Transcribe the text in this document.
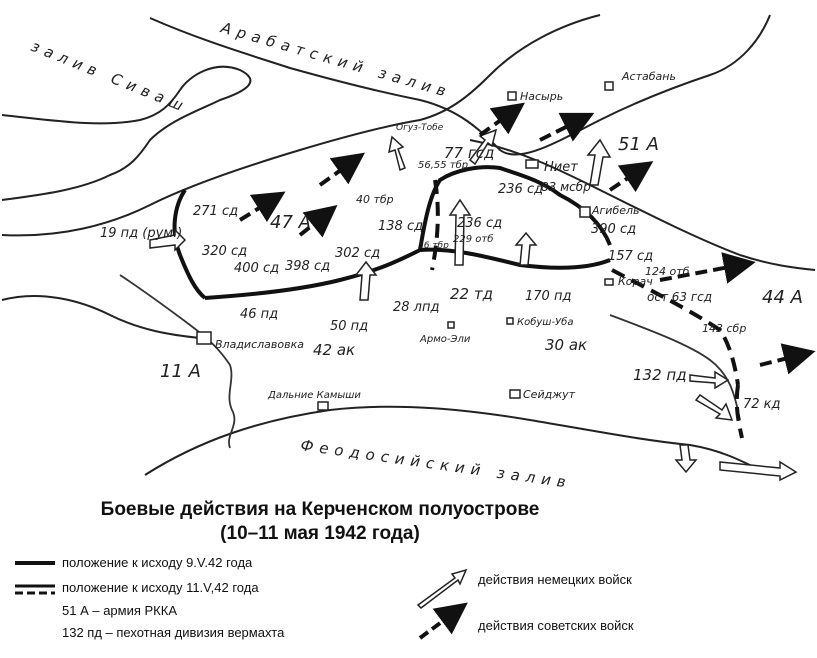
залив Сиваш Арабатский залив
Феодосийский залив
Насырь
Астабань
Огуз-Тобе
Ниет
Агибель
Корач
Владиславовка	Армо-Эли
Кобуш-Уба
Дальние Камыши	Сейджут
19 пд (рум.)
271 сд
320 сд
47 А
400 сд 398 сд
302 сд
46 пд
50 пд
42 ак
11 А
40 тбр
138 сд
56 тбр
56,55 тбр
77 гсд
236 сд
83 мсбр
236 сд
229 отб
51 А
390 сд
157 сд
124 отб
ост 63 гсд	44 А
143 сбр
28 лпд
22 тд 170 пд
30 ак
132 пд
72 кд
Боевые действия на Керченском полуострове
(10–11 мая 1942 года)
положение к исходу 9.V.42 года
положение к исходу 11.V,42 года
51 А – армия РККА
132 пд – пехотная дивизия вермахта
действия немецких войск
действия советских войск
